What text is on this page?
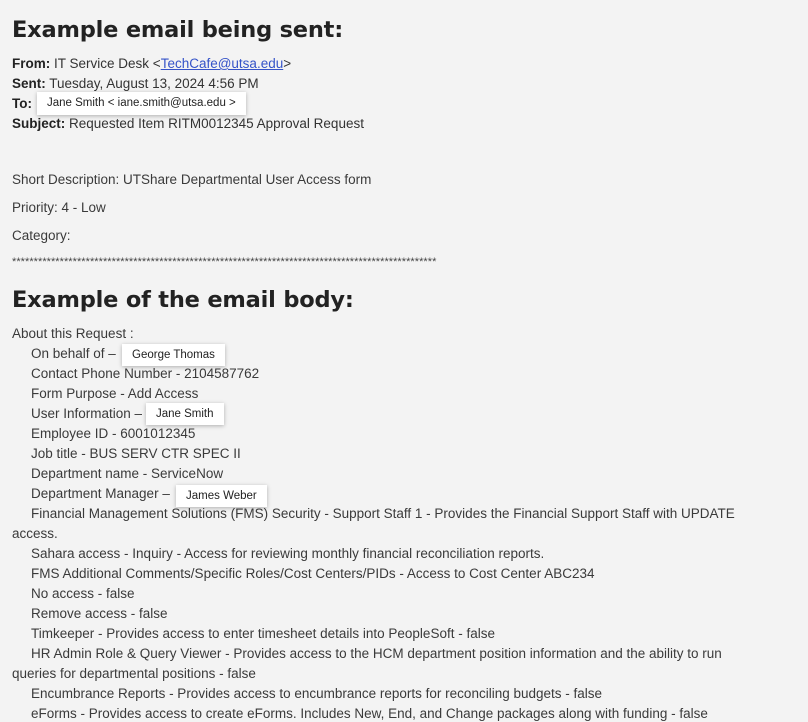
Example email being sent:
From: IT Service Desk <TechCafe@utsa.edu>
Sent: Tuesday, August 13, 2024 4:56 PM
To:	Jane Smith < iane.smith@utsa.edu >
Subject: Requested Item RITM0012345 Approval Request
Short Description: UTShare Departmental User Access form
Priority: 4 - Low
Category:
**************************************************************************************************
Example of the email body:
About this Request :
On behalf of –	George Thomas
Contact Phone Number - 2104587762
Form Purpose - Add Access
User Information –	Jane Smith
Employee ID - 6001012345
Job title - BUS SERV CTR SPEC II
Department name - ServiceNow
Department Manager –	James Weber
Financial Management Solutions (FMS) Security - Support Staff 1 - Provides the Financial Support Staff with UPDATE
access.
Sahara access - Inquiry - Access for reviewing monthly financial reconciliation reports.
FMS Additional Comments/Specific Roles/Cost Centers/PIDs - Access to Cost Center ABC234
No access - false
Remove access - false
Timkeeper - Provides access to enter timesheet details into PeopleSoft - false
HR Admin Role & Query Viewer - Provides access to the HCM department position information and the ability to run
queries for departmental positions - false
Encumbrance Reports - Provides access to encumbrance reports for reconciling budgets - false
eForms - Provides access to create eForms. Includes New, End, and Change packages along with funding - false
